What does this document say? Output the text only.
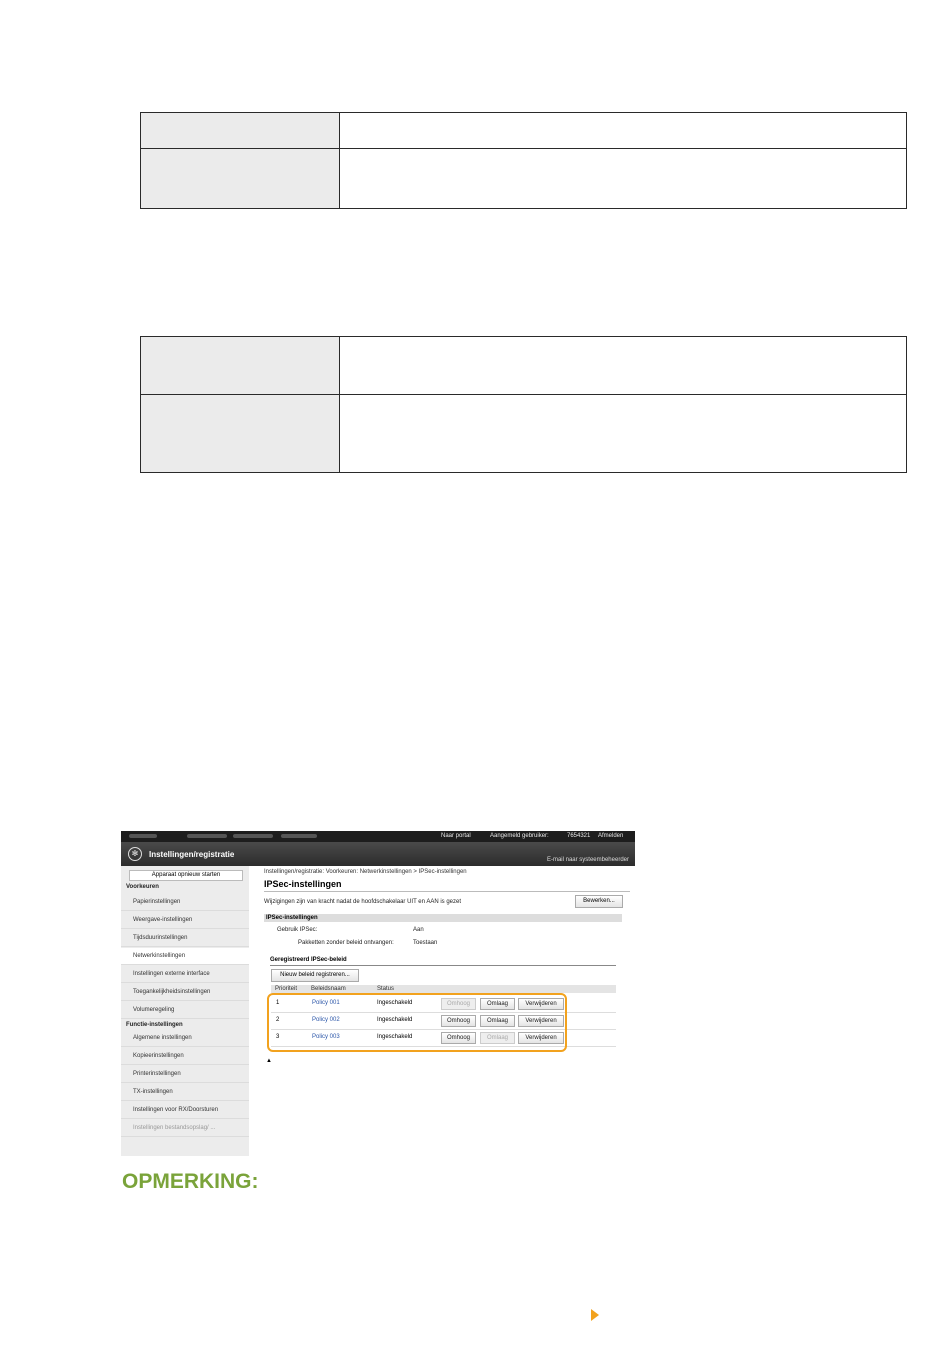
Naar portal	Aangemeld gebruiker:	7654321 Afmelden
✻	Instellingen/registratie
E-mail naar systeembeheerder
Apparaat opnieuw starten
Voorkeuren
Papierinstellingen
Weergave-instellingen
Tijdsduurinstellingen
Netwerkinstellingen
Instellingen externe interface
Toegankelijkheidsinstellingen
Volumeregeling
Functie-instellingen
Algemene instellingen
Kopieerinstellingen
Printerinstellingen
TX-instellingen
Instellingen voor RX/Doorsturen
Instellingen bestandsopslag/ ...
Instellingen/registratie: Voorkeuren: Netwerkinstellingen > IPSec-instellingen
IPSec-instellingen
Wijzigingen zijn van kracht nadat de hoofdschakelaar UIT en AAN is gezet	Bewerken...
IPSec-instellingen
Gebruik IPSec:	Aan
Pakketten zonder beleid ontvangen:	Toestaan
Geregistreerd IPSec-beleid
Nieuw beleid registreren...
Prioriteit Beleidsnaam	Status
1	Policy 001	Ingeschakeld	Omhoog	Omlaag	Verwijderen
2	Policy 002	Ingeschakeld	Omhoog	Omlaag	Verwijderen
3	Policy 003	Ingeschakeld	Omhoog	Omlaag	Verwijderen
▲
OPMERKING:
